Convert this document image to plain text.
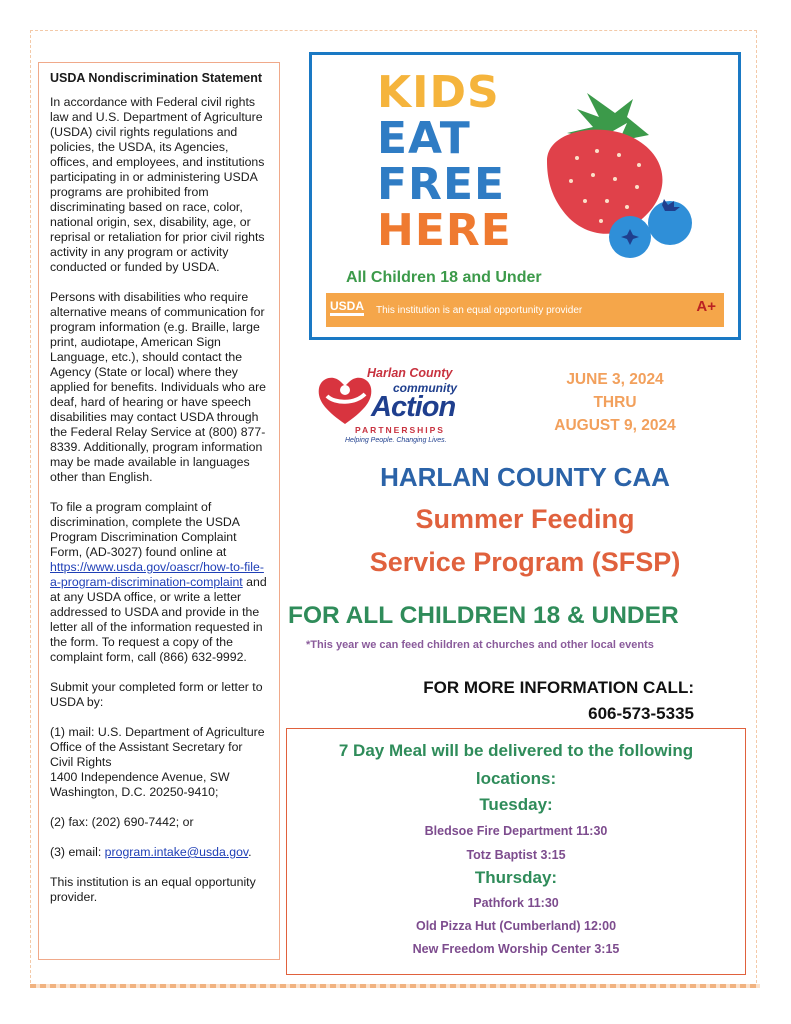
USDA Nondiscrimination Statement

In accordance with Federal civil rights law and U.S. Department of Agriculture (USDA) civil rights regulations and policies, the USDA, its Agencies, offices, and employees, and institutions participating in or administering USDA programs are prohibited from discriminating based on race, color, national origin, sex, disability, age, or reprisal or retaliation for prior civil rights activity in any program or activity conducted or funded by USDA.

Persons with disabilities who require alternative means of communication for program information (e.g. Braille, large print, audiotape, American Sign Language, etc.), should contact the Agency (State or local) where they applied for benefits. Individuals who are deaf, hard of hearing or have speech disabilities may contact USDA through the Federal Relay Service at (800) 877-8339. Additionally, program information may be made available in languages other than English.

To file a program complaint of discrimination, complete the USDA Program Discrimination Complaint Form, (AD-3027) found online at https://www.usda.gov/oascr/how-to-file-a-program-discrimination-complaint and at any USDA office, or write a letter addressed to USDA and provide in the letter all of the information requested in the form. To request a copy of the complaint form, call (866) 632-9992.

Submit your completed form or letter to USDA by:

(1) mail: U.S. Department of Agriculture

Office of the Assistant Secretary for Civil Rights

1400 Independence Avenue, SW

Washington, D.C. 20250-9410;

(2) fax: (202) 690-7442; or

(3) email: program.intake@usda.gov.

This institution is an equal opportunity provider.

KIDS
EAT
FREE
HERE
All Children 18 and Under
USDA This institution is an equal opportunity provider	A+
Harlan County
community
Action
PARTNERSHIPS
Helping People. Changing Lives.
JUNE 3, 2024
THRU
AUGUST 9, 2024
HARLAN COUNTY CAA
Summer Feeding
Service Program (SFSP)
FOR ALL CHILDREN 18 & UNDER
*This year we can feed children at churches and other local events
FOR MORE INFORMATION CALL:
606-573-5335
7 Day Meal will be delivered to the following
locations:
Tuesday:
Bledsoe Fire Department 11:30
Totz Baptist 3:15
Thursday:
Pathfork 11:30
Old Pizza Hut (Cumberland) 12:00
New Freedom Worship Center 3:15
